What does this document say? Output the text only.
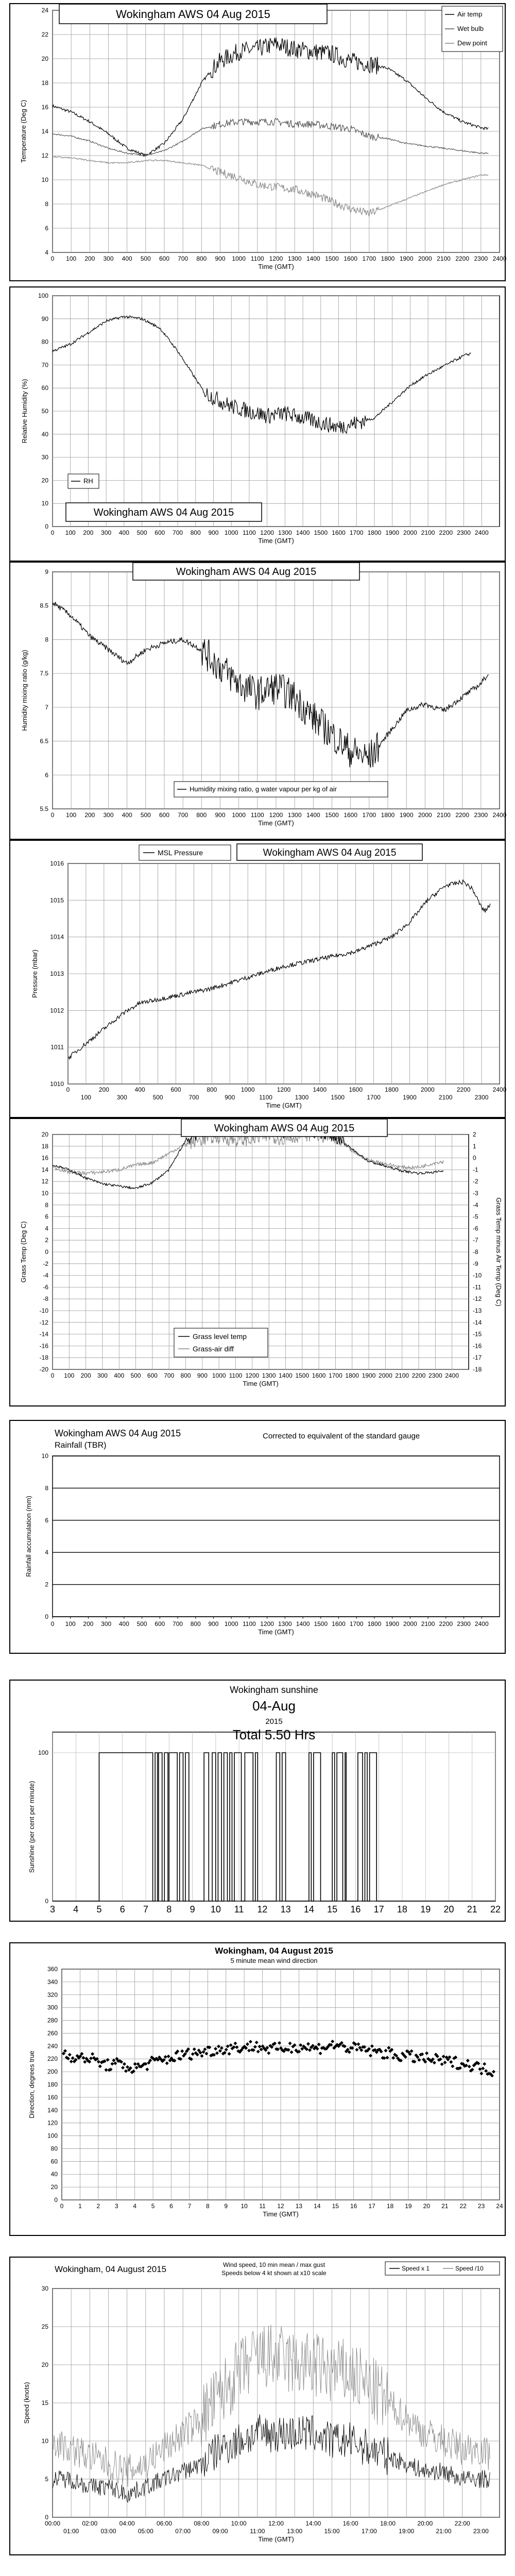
0 100 200 300 400 500 600 700 800 900 1000 1100 1200 1300 1400 1500 1600 1700 1800 1900 2000 2100 2200 2300 2400
4
6
8
10
12
14
16
18
20
22
24
Time (GMT)
Temperature (Deg C)
Wokingham AWS 04 Aug 2015	Air temp
Wet bulb
Dew point
0 100 200 300 400 500 600 700 800 900 1000 1100 1200 1300 1400 1500 1600 1700 1800 1900 2000 2100 2200 2300 2400
0
10
20
30
40
50
60
70
80
90
100
Time (GMT)
Relative Humidity (%)
RH
Wokingham AWS 04 Aug 2015
0 100 200 300 400 500 600 700 800 900 1000 1100 1200 1300 1400 1500 1600 1700 1800 1900 2000 2100 2200 2300 2400
5.5
6
6.5
7
7.5
8
8.5
9
Time (GMT)
Humidity mixing ratio (g/kg)
Wokingham AWS 04 Aug 2015
Humidity mixing ratio, g water vapour per kg of air
0	200	400	600	800	1000	1200	1400	1600	1800	2000	2200	2400
100	300	500	700	900	1100	1300	1500	1700	1900	2100	2300
1010
1011
1012
1013
1014
1015
1016
Time (GMT)
Pressure (mbar)
MSL Pressure	Wokingham AWS 04 Aug 2015
0 100 200 300 400 500 600 700 800 900 1000 1100 1200 1300 1400 1500 1600 1700 1800 1900 2000 2100 2200 2300 2400
-20
-18
-16
-14
-12
-10
-8
-6
-4
-2
0
2
4
6
8
10
12
14
16
18
20
-18
-17
-16
-15
-14
-13
-12
-11
-10
-9
-8
-7
-6
-5
-4
-3
-2
-1
0
1
2
Time (GMT)
Grass Temp (Deg C)	Grass Temp minus Air Temp (Deg C)
Wokingham AWS 04 Aug 2015
Grass level temp
Grass-air diff
0 100 200 300 400 500 600 700 800 900 1000 1100 1200 1300 1400 1500 1600 1700 1800 1900 2000 2100 2200 2300 2400
0
2
4
6
8
10
Time (GMT)
Rainfall accumulation (mm)
Wokingham AWS 04 Aug 2015
Rainfall (TBR)
Corrected to equivalent of the standard gauge
3 4 5 6 7 8 9 10 11 12 13 14 15 16 17 18 19 20 21 22
0
100
Sunshine (per cent per minute)
Wokingham sunshine
04-Aug
2015
Total 5.50 Hrs
0 1 2 3 4 5 6 7 8 9 10 11 12 13 14 15 16 17 18 19 20 21 22 23 24
0
20
40
60
80
100
120
140
160
180
200
220
240
260
280
300
320
340
360
Time (GMT)
Direction, degrees true
Wokingham, 04 August 2015
5 minute mean wind direction
00:00	02:00	04:00	06:00	08:00	10:00	12:00	14:00	16:00	18:00	20:00	22:00
01:00	03:00	05:00	07:00	09:00	11:00	13:00	15:00	17:00	19:00	21:00	23:00
0
5
10
15
20
25
30
Time (GMT)
Speed (knots)
Wokingham, 04 August 2015	Wind speed, 10 min mean / max gust
Speeds below 4 kt shown at x10 scale
Speed x 1	Speed /10
